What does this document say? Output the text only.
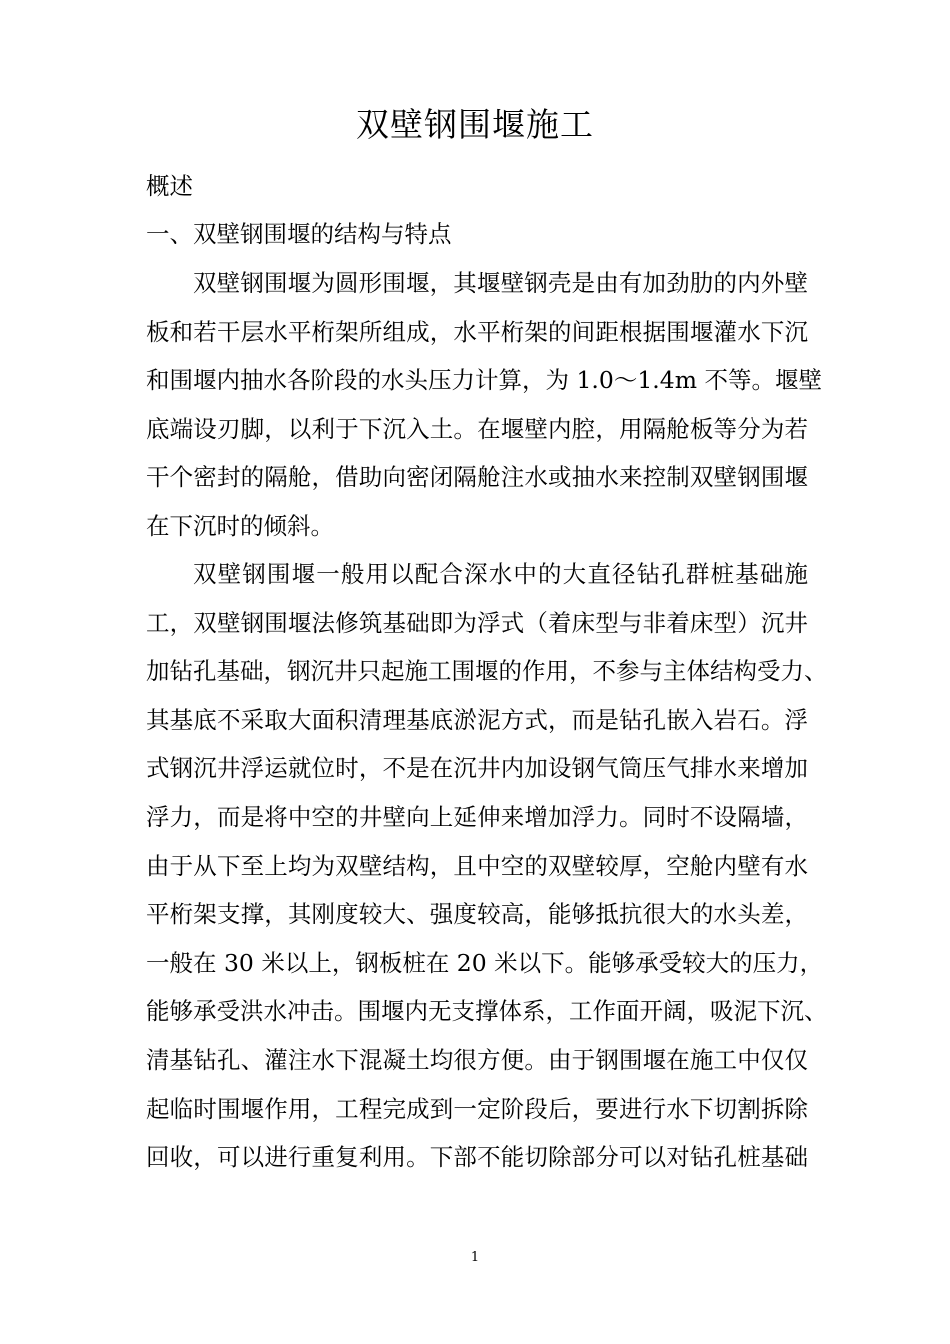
双壁钢围堰施工
概述
一、双壁钢围堰的结构与特点
双壁钢围堰为圆形围堰，其堰壁钢壳是由有加劲肋的内外壁
板和若干层水平桁架所组成，水平桁架的间距根据围堰灌水下沉
和围堰内抽水各阶段的水头压力计算，为 1.0～1.4m 不等。堰壁
底端设刃脚，以利于下沉入土。在堰壁内腔，用隔舱板等分为若
干个密封的隔舱，借助向密闭隔舱注水或抽水来控制双壁钢围堰
在下沉时的倾斜。
双壁钢围堰一般用以配合深水中的大直径钻孔群桩基础施
工，双壁钢围堰法修筑基础即为浮式（着床型与非着床型）沉井
加钻孔基础，钢沉井只起施工围堰的作用，不参与主体结构受力、
其基底不采取大面积清理基底淤泥方式，而是钻孔嵌入岩石。浮
式钢沉井浮运就位时，不是在沉井内加设钢气筒压气排水来增加
浮力，而是将中空的井壁向上延伸来增加浮力。同时不设隔墙，
由于从下至上均为双壁结构，且中空的双壁较厚，空舱内壁有水
平桁架支撑，其刚度较大、强度较高，能够抵抗很大的水头差，
一般在 30 米以上，钢板桩在 20 米以下。能够承受较大的压力，
能够承受洪水冲击。围堰内无支撑体系，工作面开阔，吸泥下沉、
清基钻孔、灌注水下混凝土均很方便。由于钢围堰在施工中仅仅
起临时围堰作用，工程完成到一定阶段后，要进行水下切割拆除
回收，可以进行重复利用。下部不能切除部分可以对钻孔桩基础
1
